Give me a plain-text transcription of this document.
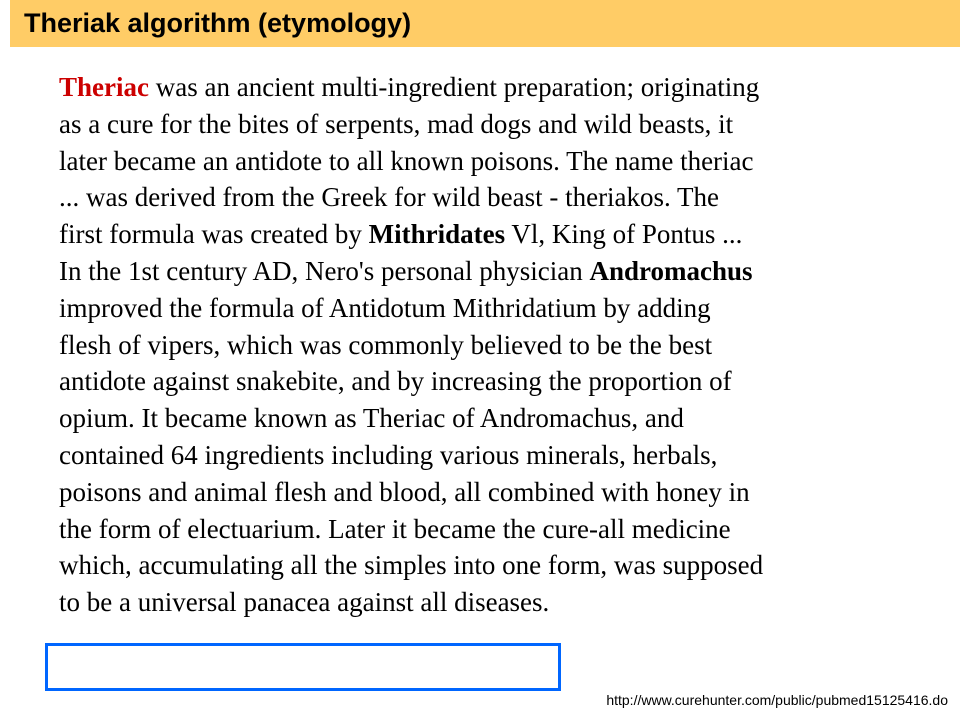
Theriak algorithm (etymology)
Theriac was an ancient multi-ingredient preparation; originating
as a cure for the bites of serpents, mad dogs and wild beasts, it
later became an antidote to all known poisons. The name theriac
... was derived from the Greek for wild beast - theriakos. The
first formula was created by Mithridates Vl, King of Pontus ...
In the 1st century AD, Nero's personal physician Andromachus
improved the formula of Antidotum Mithridatium by adding
flesh of vipers, which was commonly believed to be the best
antidote against snakebite, and by increasing the proportion of
opium. It became known as Theriac of Andromachus, and
contained 64 ingredients including various minerals, herbals,
poisons and animal flesh and blood, all combined with honey in
the form of electuarium. Later it became the cure-all medicine
which, accumulating all the simples into one form, was supposed
to be a universal panacea against all diseases.
http://www.curehunter.com/public/pubmed15125416.do
